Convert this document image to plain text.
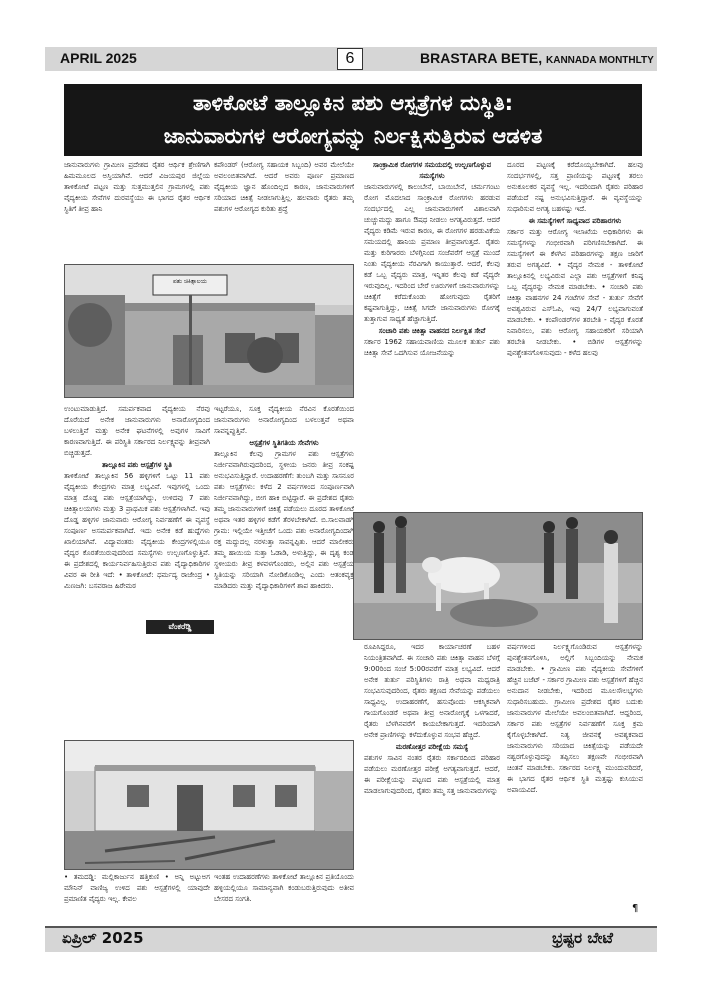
APRIL 2025	6	BRASTARA BETE, KANNADA MONTHLTY
ತಾಳಿಕೋಟೆ ತಾಲ್ಲೂಕಿನ ಪಶು ಆಸ್ಪತ್ರೆಗಳ ದುಸ್ಥಿತಿ:
ಜಾನುವಾರುಗಳ ಆರೋಗ್ಯವನ್ನು ನಿರ್ಲಕ್ಷಿಸುತ್ತಿರುವ ಆಡಳಿತ

ಜಾನುವಾರುಗಳು ಗ್ರಾಮೀಣ ಪ್ರದೇಶದ ರೈತರ ಆರ್ಥಿಕ ಶ್ರೇಣಿಗಾಗಿ ಹಿಮಮೂಲದ ಅಸ್ತಿಯಾಗಿವೆ. ಆದರೆ ವಿಜಯಪುರ ಜಿಲ್ಲೆಯ ತಾಳಿಕೋಟೆ ಪಟ್ಟಣ ಮತ್ತು ಸುತ್ತಮುತ್ತಲಿನ ಗ್ರಾಮಗಳಲ್ಲಿ ಪಶು ವೈದ್ಯಕೀಯ ಸೇವೆಗಳ ದುರವಸ್ಥೆಯು ಈ ಭಾಗದ ರೈತರ ಆರ್ಥಿಕ ಸ್ಥಿತಿಗೆ ತೀವ್ರ ಹಾನಿ

ಕಪೌಂಡರ್ (ಆರೋಗ್ಯ ಸಹಾಯಕ ಸಿಬ್ಬಂದಿ) ಅವರ ಮೇಲೆಯೇ ಅವಲಂಬಿತವಾಗಿದೆ. ಆದರೆ ಅವರು ಪೂರ್ಣ ಪ್ರಮಾಣದ ವೈದ್ಯಕೀಯ ಜ್ಞಾನ ಹೊಂದಿಲ್ಲದ ಕಾರಣ, ಜಾನುವಾರುಗಳಿಗೆ ಸರಿಯಾದ ಚಿಕಿತ್ಸೆ ನೀಡಲಾಗುತ್ತಿಲ್ಲ. ಹಲವಾರು ರೈತರು ತಮ್ಮ ಪಶುಗಳ ಆರೋಗ್ಯದ ಕುರಿತು ಶ್ರದ್ಧೆ

ಸಾಂಕ್ರಾಮಿಕ ರೋಗಗಳ ಸಮಯದಲ್ಲಿ ಉಲ್ಬಣಗೊಳ್ಳುವ ಸಮಸ್ಯೆಗಳು

ಜಾನುವಾರುಗಳಲ್ಲಿ ಕಾಲುಬೇನೆ, ಬಾಯಿಬೇನೆ, ಚರ್ಮಗಂಟು ರೋಗ ಮೊದಲಾದ ಸಾಂಕ್ರಾಮಿಕ ರೋಗಗಳು ಹರಡುವ ಸಂದರ್ಭದಲ್ಲಿ ಎಲ್ಲ ಜಾನುವಾರುಗಳಿಗೆ ವಿಶಾಲವಾಗಿ ಚುಚ್ಚುಮದ್ದು ಹಾಗೂ ಔಷಧ ನೀಡಲು ಅಗತ್ಯವಿರುತ್ತದೆ. ಆದರೆ ವೈದ್ಯರು ಕಡಿಮೆ ಇರುವ ಕಾರಣ, ಈ ರೋಗಗಳ ಹರಡುವಿಕೆಯ ಸಮಯದಲ್ಲಿ ಹಾನಿಯ ಪ್ರಮಾಣ ತೀವ್ರವಾಗುತ್ತದೆ. ರೈತರು ಮತ್ತು ಕುರಿಗಾರರು ಬೆಳಗ್ಗಿನಿಂದ ಸಂಜೆವರೆಗೆ ಆಸ್ಪತ್ರೆ ಮುಂದೆ ನಿಂತು ವೈದ್ಯಕೀಯ ನೆರವಿಗಾಗಿ ಕಾಯುತ್ತಾರೆ. ಆದರೆ, ಕೆಲವು ಕಡೆ ಒಬ್ಬ ವೈದ್ಯರು ಮಾತ್ರ, ಇನ್ನಿತರ ಕೆಲವು ಕಡೆ ವೈದ್ಯರೇ ಇರುವುದಿಲ್ಲ. ಇದರಿಂದ ಬೇರೆ ಊರುಗಳಿಗೆ ಜಾನುವಾರುಗಳನ್ನು ಚಿಕಿತ್ಸೆಗೆ ಕರೆದುಕೊಂಡು ಹೋಗುವುದು ರೈತರಿಗೆ ಕಷ್ಟವಾಗುತ್ತಿದ್ದು, ಚಿಕಿತ್ಸೆ ಸಿಗದೇ ಜಾನುವಾರುಗಳು ರೋಗಕ್ಕೆ ತುತ್ತಾಗುವ ಸಾಧ್ಯತೆ ಹೆಚ್ಚಾಗುತ್ತಿದೆ.

ಸಂಚಾರಿ ಪಶು ಚಿಕಿತ್ಸಾ ವಾಹನದ ನಿರ್ಲಕ್ಷಿತ ಸೇವೆ

ಸರ್ಕಾರ 1962 ಸಹಾಯವಾಣಿಯ ಮೂಲಕ ತುರ್ತು ಪಶು ಚಿಕಿತ್ಸಾ ಸೇವೆ ಒದಗಿಸುವ ಯೋಜನೆಯನ್ನು

ದೂರದ ಪಟ್ಟಣಕ್ಕೆ ಕರೆದೊಯ್ಯಬೇಕಾಗಿದೆ. ಹಲವು ಸಂದರ್ಭಗಳಲ್ಲಿ, ಸತ್ತ ಪ್ರಾಣಿಯನ್ನು ಪಟ್ಟಣಕ್ಕೆ ತರಲು ಅನುಕೂಲಕರ ವ್ಯವಸ್ಥೆ ಇಲ್ಲ. ಇದರಿಂದಾಗಿ ರೈತರು ಪರಿಹಾರ ಪಡೆಯದೆ ನಷ್ಟ ಅನುಭವಿಸುತ್ತಿದ್ದಾರೆ. ಈ ವ್ಯವಸ್ಥೆಯನ್ನು ಸುಧಾರಿಸುವ ಅಗತ್ಯ ಬಹಳಷ್ಟು ಇದೆ.

ಈ ಸಮಸ್ಯೆಗಳಿಗೆ ಸಾಧ್ಯವಾದ ಪರಿಹಾರಗಳು

ಸರ್ಕಾರ ಮತ್ತು ಆರೋಗ್ಯ ಇಲಾಖೆಯ ಅಧಿಕಾರಿಗಳು ಈ ಸಮಸ್ಯೆಗಳನ್ನು ಗಂಭೀರವಾಗಿ ಪರಿಗಣಿಸಬೇಕಾಗಿದೆ. ಈ ಸಮಸ್ಯೆಗಳಿಗೆ ಈ ಕೆಳಗಿನ ಪರಿಹಾರಗಳನ್ನು ತಕ್ಷಣ ಜಾರಿಗೆ ತರುವ ಅಗತ್ಯವಿದೆ. • ವೈದ್ಯರ ನೇಮಕ - ತಾಳಿಕೋಟೆ ತಾಲ್ಲೂಕಿನಲ್ಲಿ ಲಭ್ಯವಿರುವ ಎಲ್ಲಾ ಪಶು ಆಸ್ಪತ್ರೆಗಳಿಗೆ ಕನಿಷ್ಠ ಒಬ್ಬ ವೈದ್ಯರನ್ನು ನೇಮಕ ಮಾಡಬೇಕು. • ಸಂಚಾರಿ ಪಶು ಚಿಕಿತ್ಸಾ ವಾಹನಗಳ 24 ಗಂಟೆಗಳ ಸೇವೆ - ತುರ್ತು ಸೇವೆಗೆ ಅವಶ್ಯವಿರುವ ಎಸ್‌ಓಪಿ, ಇವು 24/7 ಲಭ್ಯವಾಗುವಂತೆ ಮಾಡಬೇಕು. • ಕಂಪೌಂಡರ್‌ಗಳ ತರಬೇತಿ - ವೈದ್ಯರ ಕೊರತೆ ನಿವಾರಿಸಲು, ಪಶು ಆರೋಗ್ಯ ಸಹಾಯಕರಿಗೆ ಸರಿಯಾಗಿ ತರಬೇತಿ ನೀಡಬೇಕು. • ಬಿಡಿಗಳ ಆಸ್ಪತ್ರೆಗಳನ್ನು ಪುನಶ್ಚೇತನಗೊಳಿಸುವುದು - ಕಳೆದ ಹಲವು

ಪಶು ಚಿಕಿತ್ಸಾಲಯ

ಉಂಟುಮಾಡುತ್ತಿದೆ. ಸಮರ್ಪಕವಾದ ವೈದ್ಯಕೀಯ ನೆರವು ದೊರೆಯದೆ ಅನೇಕ ಜಾನುವಾರುಗಳು ಅನಾರೋಗ್ಯದಿಂದ ಬಳಲುತ್ತಿವೆ ಮತ್ತು ಅನೇಕ ಘಟನೆಗಳಲ್ಲಿ ಅವುಗಳ ಸಾವಿಗೆ ಕಾರಣವಾಗುತ್ತಿದೆ. ಈ ಪರಿಸ್ಥಿತಿ ಸರ್ಕಾರದ ನಿರ್ಲಕ್ಷ್ಯವನ್ನು ತೀವ್ರವಾಗಿ ಬಿಚ್ಚಿಡುತ್ತದೆ.

ತಾಲ್ಲೂಕಿನ ಪಶು ಆಸ್ಪತ್ರೆಗಳ ಸ್ಥಿತಿ

ತಾಳಿಕೋಟೆ ತಾಲ್ಲೂಕಿನ 56 ಹಳ್ಳಿಗಳಿಗೆ ಒಟ್ಟು 11 ಪಶು ವೈದ್ಯಕೀಯ ಕೇಂದ್ರಗಳು ಮಾತ್ರ ಲಭ್ಯವಿವೆ. ಇವುಗಳಲ್ಲಿ ಒಂದು ಮಾತ್ರ ದೊಡ್ಡ ಪಶು ಆಸ್ಪತ್ರೆಯಾಗಿದ್ದು, ಉಳಿದವು 7 ಪಶು ಚಿಕಿತ್ಸಾಲಯಗಳು ಮತ್ತು 3 ಪ್ರಾಥಮಿಕ ಪಶು ಆಸ್ಪತ್ರೆಗಳಾಗಿವೆ. ಇವು ದೊಡ್ಡ ಹಳ್ಳಿಗಳ ಜಾನುವಾರು ಆರೋಗ್ಯ ನಿರ್ವಹಣೆಗೆ ಈ ವ್ಯವಸ್ಥೆ ಸಂಪೂರ್ಣ ಅಸಮರ್ಪಕವಾಗಿದೆ. ಇದು ಅನೇಕ ಕಡೆ ಹುದ್ದೆಗಳು ಖಾಲಿಯಾಗಿವೆ. ವಿದ್ಯಾವಂತರು ವೈದ್ಯಕೀಯ ಕೇಂದ್ರಗಳಲ್ಲಿಯೂ ವೈದ್ಯರ ಕೊರತೆಯಿರುವುದರಿಂದ ಸಮಸ್ಯೆಗಳು ಉಲ್ಬಣಗೊಳ್ಳುತ್ತಿವೆ. ಈ ಪ್ರದೇಶದಲ್ಲಿ ಕಾರ್ಯನಿರ್ವಹಿಸುತ್ತಿರುವ ಪಶು ವೈದ್ಯಾಧಿಕಾರಿಗಳ ವಿವರ ಈ ರೀತಿ ಇದೆ: • ತಾಳಿಕೋಟೆ: ಧರ್ಮದ್ಯ ರಾಜೇಂದ್ರ • ಮಿಣಜಗಿ: ಬಸವರಾಜ ಹಿರೇಮಠ

ವೆಂಕರೆಡ್ಡಿ

ಇಟ್ಟರೆಯೂ, ಸೂಕ್ತ ವೈದ್ಯಕೀಯ ನೆರವಿನ ಕೊರತೆಯಿಂದ ಜಾನುವಾರುಗಳು ಅನಾರೋಗ್ಯದಿಂದ ಬಳಲುತ್ತವೆ ಅಥವಾ ಸಾವನ್ನಪ್ಪುತ್ತಿವೆ.

ಆಸ್ಪತ್ರೆಗಳ ಸ್ಥಿತಿಗತಿಯ ಸೇವೆಗಳು

ತಾಲ್ಲೂಕಿನ ಕೆಲವು ಗ್ರಾಮಗಳ ಪಶು ಆಸ್ಪತ್ರೆಗಳು ನಿರ್ಜೀವವಾಗಿರುವುದರಿಂದ, ಸ್ಥಳೀಯ ಜನರು ತೀವ್ರ ಸಂಕಷ್ಟ ಅನುಭವಿಸುತ್ತಿದ್ದಾರೆ. ಉದಾಹರಣೆಗೆ: ತುಂಬಗಿ ಮತ್ತು ಸಾಸನೂರ ಪಶು ಆಸ್ಪತ್ರೆಗಳು: ಕಳೆದ 2 ವರ್ಷಗಳಿಂದ ಸಂಪೂರ್ಣವಾಗಿ ನಿರ್ಜೀವವಾಗಿದ್ದು, ಬೀಗ ಹಾಕಿ ಬಿಟ್ಟಿದ್ದಾರೆ. ಈ ಪ್ರದೇಶದ ರೈತರು ತಮ್ಮ ಜಾನುವಾರುಗಳಿಗೆ ಚಿಕಿತ್ಸೆ ಪಡೆಯಲು ದೂರದ ತಾಳಿಕೋಟೆ ಅಥವಾ ಇತರ ಹಳ್ಳಿಗಳ ಕಡೆಗೆ ತೆರಳಬೇಕಾಗಿದೆ. ಬಿ.ಸಾಲವಾಡಗಿ ಗ್ರಾಮ: ಇಲ್ಲಿಯೇ ಇತ್ತೀಚೆಗೆ ಒಂದು ಪಶು ಅನಾರೋಗ್ಯದಿಂದಾಗಿ ರಕ್ತ ಮದ್ದುದಲ್ಲ ನರಳುತ್ತಾ ಸಾವನ್ನಪ್ಪಿತು. ಆದರೆ ಮಾಲೀಕರು ತಮ್ಮ ಹಾಯಿಯ ಸುತ್ತಾ ಓಡಾಡಿ, ಅಳುತ್ತಿದ್ದು, ಈ ದೃಶ್ಯ ಕಂಡ ಸ್ಥಳೀಯರು ತೀವ್ರ ಕಳವಳಗೊಂಡರು, ಅಲ್ಲಿನ ಪಶು ಆಸ್ಪತ್ರೆಯ ಸ್ಥಿತಿಯನ್ನು ಸರಿಯಾಗಿ ನೋಡಿಕೊಂಡಿಲ್ಲ ಎಂದು ಆತಂಕವ್ಯಕ್ತ ಮಾಡಿದರು ಮತ್ತು ವೈದ್ಯಾಧಿಕಾರಿಗಳಿಗೆ ಶಾಪ ಹಾಕಿದರು.

ರೂಪಿಸಿದ್ದರೂ, ಇದರ ಕಾರ್ಯಾಚರಣೆ ಬಹಳ ನಿಯಂತ್ರಿತವಾಗಿದೆ. ಈ ಸಂಚಾರಿ ಪಶು ಚಿಕಿತ್ಸಾ ವಾಹನ ಬೆಳಗ್ಗೆ 9:00ರಿಂದ ಸಂಜೆ 5:00ರವರೆಗೆ ಮಾತ್ರ ಲಭ್ಯವಿದೆ. ಆದರೆ ಅನೇಕ ತುರ್ತು ಪರಿಸ್ಥಿತಿಗಳು ರಾತ್ರಿ ಅಥವಾ ಮಧ್ಯರಾತ್ರಿ ಸಂಭವಿಸುವುದರಿಂದ, ರೈತರು ತಕ್ಷಣದ ಸೇವೆಯನ್ನು ಪಡೆಯಲು ಸಾಧ್ಯವಿಲ್ಲ. ಉದಾಹರಣೆಗೆ, ಹಸುವೊಂದು ಆಕಸ್ಮಿಕವಾಗಿ ಗಾಯಗೊಂಡರೆ ಅಥವಾ ತೀವ್ರ ಅನಾರೋಗ್ಯಕ್ಕೆ ಒಳಗಾದರೆ, ರೈತರು ಬೆಳಗಿನವರೆಗೆ ಕಾಯಬೇಕಾಗುತ್ತದೆ. ಇದರಿಂದಾಗಿ ಅನೇಕ ಪ್ರಾಣಿಗಳನ್ನು ಕಳೆದುಕೊಳ್ಳುವ ಸಂಭವ ಹೆಚ್ಚಿದೆ.

ಮರಣೋತ್ತರ ಪರೀಕ್ಷೆಯ ಸಮಸ್ಯೆ

ಪಶುಗಳ ಸಾವಿನ ನಂತರ ರೈತರು ಸರ್ಕಾರದಿಂದ ಪರಿಹಾರ ಪಡೆಯಲು ಮರಣೋತ್ತರ ಪರೀಕ್ಷೆ ಅಗತ್ಯವಾಗುತ್ತದೆ. ಆದರೆ, ಈ ಪರೀಕ್ಷೆಯನ್ನು ಪಟ್ಟಣದ ಪಶು ಆಸ್ಪತ್ರೆಯಲ್ಲಿ ಮಾತ್ರ ಮಾಡಲಾಗುವುದರಿಂದ, ರೈತರು ತಮ್ಮ ಸತ್ತ ಜಾನುವಾರುಗಳನ್ನು

ವರ್ಷಗಳಿಂದ ನಿರ್ಲಕ್ಷ್ಯಗೊಂಡಿರುವ ಆಸ್ಪತ್ರೆಗಳನ್ನು ಪುನಶ್ಚೇತನಗೊಳಿಸಿ, ಅಲ್ಲಿಗೆ ಸಿಬ್ಬಂದಿಯನ್ನು ನೇಮಕ ಮಾಡಬೇಕು. • ಗ್ರಾಮೀಣ ಪಶು ವೈದ್ಯಕೀಯ ಸೇವೆಗಳಿಗೆ ಹೆಚ್ಚಿನ ಬಜೆಟ್ - ಸರ್ಕಾರ ಗ್ರಾಮೀಣ ಪಶು ಆಸ್ಪತ್ರೆಗಳಿಗೆ ಹೆಚ್ಚಿನ ಅನುದಾನ ನೀಡಬೇಕು, ಇದರಿಂದ ಮೂಲಸೌಲಭ್ಯಗಳು ಸುಧಾರಿಸಬಹುದು. ಗ್ರಾಮೀಣ ಪ್ರದೇಶದ ರೈತರ ಬದುಕು ಜಾನುವಾರುಗಳ ಮೇಲೆಯೇ ಅವಲಂಬಿತವಾಗಿದೆ. ಆದ್ದರಿಂದ, ಸರ್ಕಾರ ಪಶು ಆಸ್ಪತ್ರೆಗಳ ನಿರ್ವಹಣೆಗೆ ಸೂಕ್ತ ಕ್ರಮ ಕೈಗೊಳ್ಳಬೇಕಾಗಿದೆ. ನಿತ್ಯ ಜೀವನಕ್ಕೆ ಅವಶ್ಯಕವಾದ ಜಾನುವಾರುಗಳು ಸರಿಯಾದ ಚಿಕಿತ್ಸೆಯನ್ನು ಪಡೆಯದೇ ನಶ್ವರಗೊಳ್ಳುವುದನ್ನು ತಪ್ಪಿಸಲು ತಕ್ಷಣವೇ ಗಂಭೀರವಾಗಿ ಚಿಂತನೆ ಮಾಡಬೇಕು. ಸರ್ಕಾರದ ನಿರ್ಲಕ್ಷ್ಯ ಮುಂದುವರಿದರೆ, ಈ ಭಾಗದ ರೈತರ ಆರ್ಥಿಕ ಸ್ಥಿತಿ ಮತ್ತಷ್ಟು ಕುಸಿಯುವ ಅಪಾಯವಿದೆ.

• ತಮದಡ್ಡಿ: ಮಲ್ಲಿಕಾರ್ಜುನ ಹತ್ತಿಕುಣಿ • ಅನ್ನಿ ಅಟ್ಟುಅಗ ಮೌನಿನ್ ವಾಣಿಜ್ಯ ಉಳಿದ ಪಶು ಆಸ್ಪತ್ರೆಗಳಲ್ಲಿ ಯಾವುದೇ ಪ್ರಮಾಣಿತ ವೈದ್ಯರು ಇಲ್ಲ. ಕೇವಲ

ಇಂತಹ ಉದಾಹರಣೆಗಳು ತಾಳಿಕೋಟೆ ತಾಲ್ಲೂಕಿನ ಪ್ರತಿಯೊಂದು ಹಳ್ಳಿಯಲ್ಲಿಯೂ ಸಾಮಾನ್ಯವಾಗಿ ಕಂಡುಬರುತ್ತಿರುವುದು ಅತೀವ ಬೇಸರದ ಸಂಗತಿ.

¶
ಏಪ್ರಿಲ್ 2025	ಭ್ರಷ್ಟರ ಬೇಟೆ
